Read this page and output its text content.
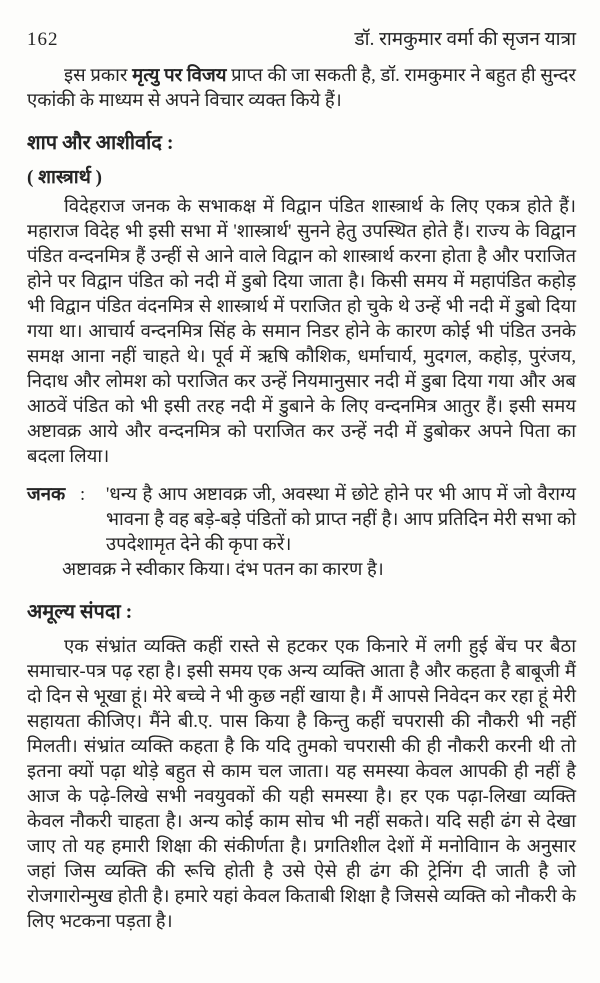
162	डॉ. रामकुमार वर्मा की सृजन यात्रा

इस प्रकार मृत्यु पर विजय प्राप्त की जा सकती है, डॉ. रामकुमार ने बहुत ही सुन्दर एकांकी के माध्यम से अपने विचार व्यक्त किये हैं।

शाप और आशीर्वाद :
( शास्त्रार्थ )

विदेहराज जनक के सभाकक्ष में विद्वान पंडित शास्त्रार्थ के लिए एकत्र होते हैं। महाराज विदेह भी इसी सभा में 'शास्त्रार्थ' सुनने हेतु उपस्थित होते हैं। राज्य के विद्वान पंडित वन्दनमित्र हैं उन्हीं से आने वाले विद्वान को शास्त्रार्थ करना होता है और पराजित होने पर विद्वान पंडित को नदी में डुबो दिया जाता है। किसी समय में महापंडित कहोड़ भी विद्वान पंडित वंदनमित्र से शास्त्रार्थ में पराजित हो चुके थे उन्हें भी नदी में डुबो दिया गया था। आचार्य वन्दनमित्र सिंह के समान निडर होने के कारण कोई भी पंडित उनके समक्ष आना नहीं चाहते थे। पूर्व में ऋषि कौशिक, धर्माचार्य, मुदगल, कहोड़, पुरंजय, निदाध और लोमश को पराजित कर उन्हें नियमानुसार नदी में डुबा दिया गया और अब आठवें पंडित को भी इसी तरह नदी में डुबाने के लिए वन्दनमित्र आतुर हैं। इसी समय अष्टावक्र आये और वन्दनमित्र को पराजित कर उन्हें नदी में डुबोकर अपने पिता का बदला लिया।

जनक :	'धन्य है आप अष्टावक्र जी, अवस्था में छोटे होने पर भी आप में जो वैराग्य भावना है वह बड़े-बड़े पंडितों को प्राप्त नहीं है। आप प्रतिदिन मेरी सभा को उपदेशामृत देने की कृपा करें।

अष्टावक्र ने स्वीकार किया। दंभ पतन का कारण है।

अमूल्य संपदा :

एक संभ्रांत व्यक्ति कहीं रास्ते से हटकर एक किनारे में लगी हुई बेंच पर बैठा समाचार-पत्र पढ़ रहा है। इसी समय एक अन्य व्यक्ति आता है और कहता है बाबूजी मैं दो दिन से भूखा हूं। मेरे बच्चे ने भी कुछ नहीं खाया है। मैं आपसे निवेदन कर रहा हूं मेरी सहायता कीजिए। मैंने बी.ए. पास किया है किन्तु कहीं चपरासी की नौकरी भी नहीं मिलती। संभ्रांत व्यक्ति कहता है कि यदि तुमको चपरासी की ही नौकरी करनी थी तो इतना क्यों पढ़ा थोड़े बहुत से काम चल जाता। यह समस्या केवल आपकी ही नहीं है आज के पढ़े-लिखे सभी नवयुवकों की यही समस्या है। हर एक पढ़ा-लिखा व्यक्ति केवल नौकरी चाहता है। अन्य कोई काम सोच भी नहीं सकते। यदि सही ढंग से देखा जाए तो यह हमारी शिक्षा की संकीर्णता है। प्रगतिशील देशों में मनोविाान के अनुसार जहां जिस व्यक्ति की रूचि होती है उसे ऐसे ही ढंग की ट्रेनिंग दी जाती है जो रोजगारोन्मुख होती है। हमारे यहां केवल किताबी शिक्षा है जिससे व्यक्ति को नौकरी के लिए भटकना पड़ता है।
